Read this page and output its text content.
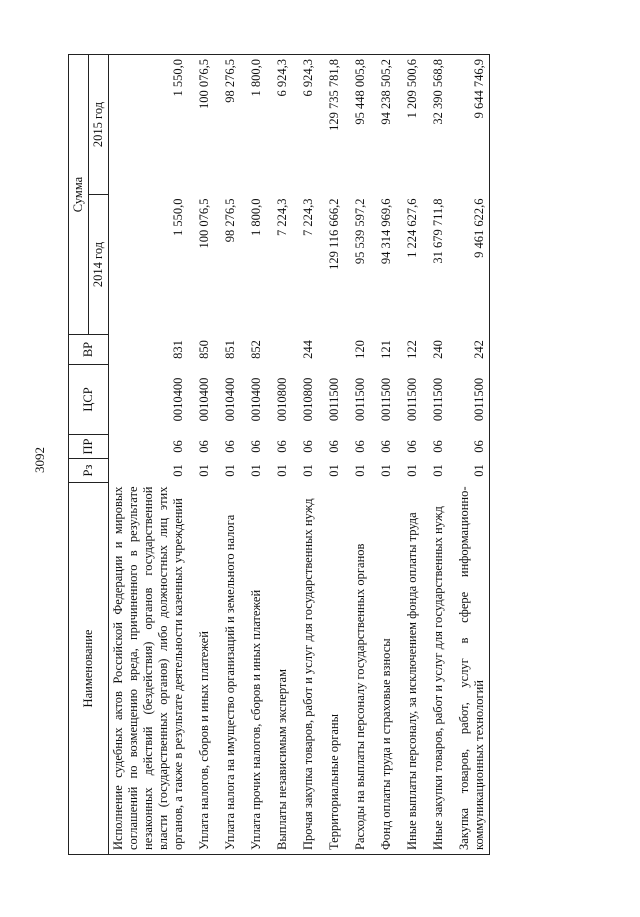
3092
Наименование	Рз	ПР	ЦСР	ВР	Сумма	
					2014 год	2015 год
Исполнение судебных актов Российской Федерации и мировых соглашений по возмещению вреда, причиненного в результате незаконных действий (бездействия) органов государственной власти (государственных органов) либо должностных лиц этих органов, а также в результате деятельности казенных учреждений	01	06	0010400	831	1 550,0	1 550,0
Уплата налогов, сборов и иных платежей	01	06	0010400	850	100 076,5	100 076,5
Уплата налога на имущество организаций и земельного налога	01	06	0010400	851	98 276,5	98 276,5
Уплата прочих налогов, сборов и иных платежей	01	06	0010400	852	1 800,0	1 800,0
Выплаты независимым экспертам	01	06	0010800		7 224,3	6 924,3
Прочая закупка товаров, работ и услуг для государственных нужд	01	06	0010800	244	7 224,3	6 924,3
Территориальные органы	01	06	0011500		129 116 666,2	129 735 781,8
Расходы на выплаты персоналу государственных органов	01	06	0011500	120	95 539 597,2	95 448 005,8
Фонд оплаты труда и страховые взносы	01	06	0011500	121	94 314 969,6	94 238 505,2
Иные выплаты персоналу, за исключением фонда оплаты труда	01	06	0011500	122	1 224 627,6	1 209 500,6
Иные закупки товаров, работ и услуг для государственных нужд	01	06	0011500	240	31 679 711,8	32 390 568,8
Закупка товаров, работ, услуг в сфере информационно-коммуникационных технологий	01	06	0011500	242	9 461 622,6	9 644 746,9
